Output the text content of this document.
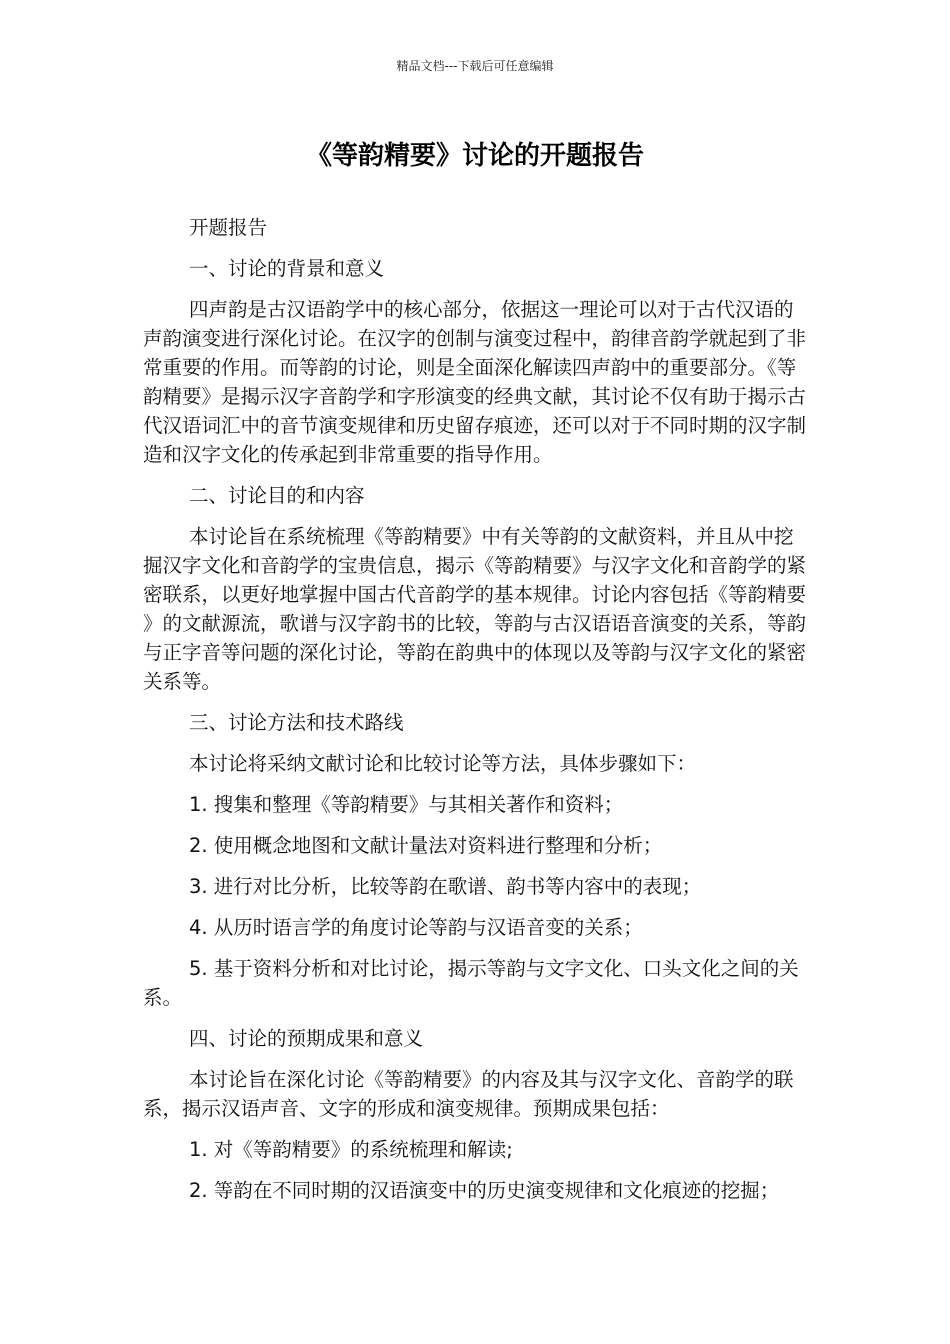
精品文档---下载后可任意编辑
《等韵精要》讨论的开题报告

开题报告

一、讨论的背景和意义

四声韵是古汉语韵学中的核心部分，依据这一理论可以对于古代汉语的声韵演变进行深化讨论。在汉字的创制与演变过程中，韵律音韵学就起到了非常重要的作用。而等韵的讨论，则是全面深化解读四声韵中的重要部分。《等韵精要》是揭示汉字音韵学和字形演变的经典文献，其讨论不仅有助于揭示古代汉语词汇中的音节演变规律和历史留存痕迹，还可以对于不同时期的汉字制造和汉字文化的传承起到非常重要的指导作用。

二、讨论目的和内容

本讨论旨在系统梳理《等韵精要》中有关等韵的文献资料，并且从中挖掘汉字文化和音韵学的宝贵信息，揭示《等韵精要》与汉字文化和音韵学的紧密联系，以更好地掌握中国古代音韵学的基本规律。讨论内容包括《等韵精要》的文献源流，歌谱与汉字韵书的比较，等韵与古汉语语音演变的关系，等韵与正字音等问题的深化讨论，等韵在韵典中的体现以及等韵与汉字文化的紧密关系等。

三、讨论方法和技术路线

本讨论将采纳文献讨论和比较讨论等方法，具体步骤如下：

1. 搜集和整理《等韵精要》与其相关著作和资料；

2. 使用概念地图和文献计量法对资料进行整理和分析；

3. 进行对比分析，比较等韵在歌谱、韵书等内容中的表现；

4. 从历时语言学的角度讨论等韵与汉语音变的关系；

5. 基于资料分析和对比讨论，揭示等韵与文字文化、口头文化之间的关系。

四、讨论的预期成果和意义

本讨论旨在深化讨论《等韵精要》的内容及其与汉字文化、音韵学的联系，揭示汉语声音、文字的形成和演变规律。预期成果包括：

1. 对《等韵精要》的系统梳理和解读;

2. 等韵在不同时期的汉语演变中的历史演变规律和文化痕迹的挖掘；
